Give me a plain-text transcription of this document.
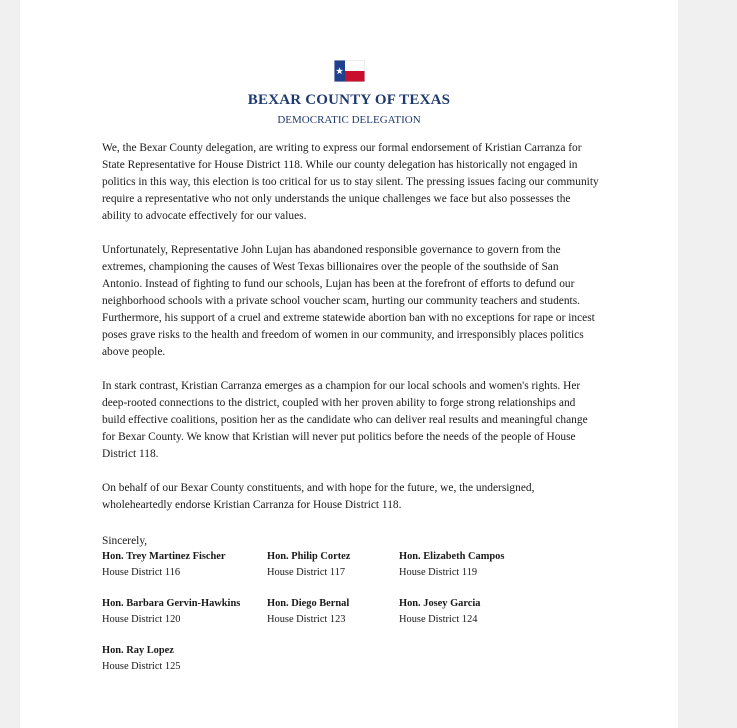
BEXAR COUNTY OF TEXAS
DEMOCRATIC DELEGATION

We, the Bexar County delegation, are writing to express our formal endorsement of Kristian Carranza for State Representative for House District 118. While our county delegation has historically not engaged in politics in this way, this election is too critical for us to stay silent. The pressing issues facing our community require a representative who not only understands the unique challenges we face but also possesses the ability to advocate effectively for our values.

Unfortunately, Representative John Lujan has abandoned responsible governance to govern from the extremes, championing the causes of West Texas billionaires over the people of the southside of San Antonio. Instead of fighting to fund our schools, Lujan has been at the forefront of efforts to defund our neighborhood schools with a private school voucher scam, hurting our community teachers and students. Furthermore, his support of a cruel and extreme statewide abortion ban with no exceptions for rape or incest poses grave risks to the health and freedom of women in our community, and irresponsibly places politics above people.

In stark contrast, Kristian Carranza emerges as a champion for our local schools and women's rights. Her deep-rooted connections to the district, coupled with her proven ability to forge strong relationships and build effective coalitions, position her as the candidate who can deliver real results and meaningful change for Bexar County. We know that Kristian will never put politics before the needs of the people of House District 118.

On behalf of our Bexar County constituents, and with hope for the future, we, the undersigned, wholeheartedly endorse Kristian Carranza for House District 118.

Sincerely,
Hon. Trey Martinez Fischer
House District 116
Hon. Philip Cortez
House District 117
Hon. Elizabeth Campos
House District 119
Hon. Barbara Gervin-Hawkins
House District 120
Hon. Diego Bernal
House District 123
Hon. Josey Garcia
House District 124
Hon. Ray Lopez
House District 125
